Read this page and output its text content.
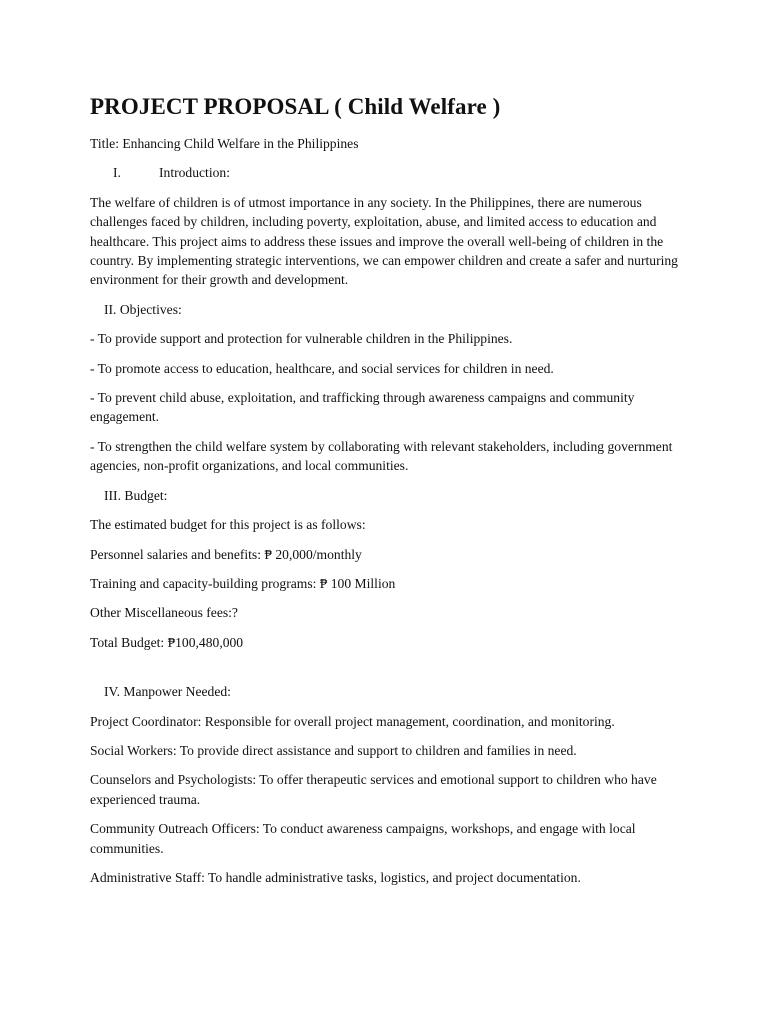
PROJECT PROPOSAL ( Child Welfare )
Title: Enhancing Child Welfare in the Philippines
I.	Introduction:
The welfare of children is of utmost importance in any society. In the Philippines, there are numerous challenges faced by children, including poverty, exploitation, abuse, and limited access to education and healthcare. This project aims to address these issues and improve the overall well-being of children in the country. By implementing strategic interventions, we can empower children and create a safer and nurturing environment for their growth and development.
II. Objectives:
- To provide support and protection for vulnerable children in the Philippines.
- To promote access to education, healthcare, and social services for children in need.
- To prevent child abuse, exploitation, and trafficking through awareness campaigns and community engagement.
- To strengthen the child welfare system by collaborating with relevant stakeholders, including government agencies, non-profit organizations, and local communities.
III. Budget:
The estimated budget for this project is as follows:
Personnel salaries and benefits: ₱ 20,000/monthly
Training and capacity-building programs: ₱ 100 Million
Other Miscellaneous fees:?
Total Budget: ₱100,480,000
IV. Manpower Needed:
Project Coordinator: Responsible for overall project management, coordination, and monitoring.
Social Workers: To provide direct assistance and support to children and families in need.
Counselors and Psychologists: To offer therapeutic services and emotional support to children who have experienced trauma.
Community Outreach Officers: To conduct awareness campaigns, workshops, and engage with local communities.
Administrative Staff: To handle administrative tasks, logistics, and project documentation.
